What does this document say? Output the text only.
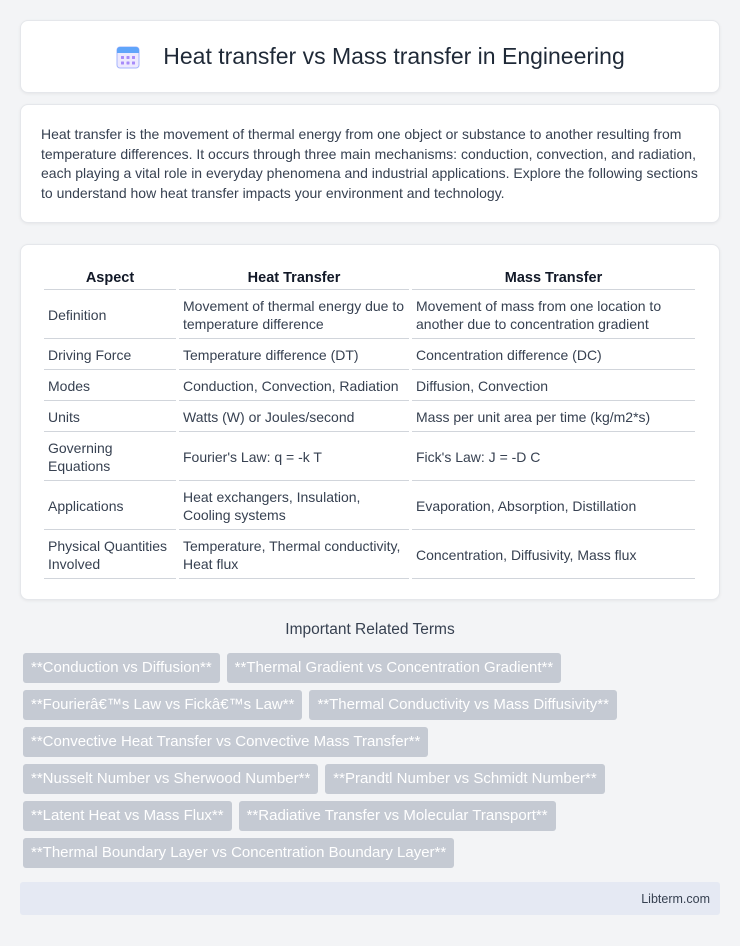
Heat transfer vs Mass transfer in Engineering

Heat transfer is the movement of thermal energy from one object or substance to another resulting from temperature differences. It occurs through three main mechanisms: conduction, convection, and radiation, each playing a vital role in everyday phenomena and industrial applications. Explore the following sections to understand how heat transfer impacts your environment and technology.

Aspect	Heat Transfer	Mass Transfer
Definition	Movement of thermal energy due to temperature difference	Movement of mass from one location to another due to concentration gradient
Driving Force	Temperature difference (DT)	Concentration difference (DC)
Modes	Conduction, Convection, Radiation	Diffusion, Convection
Units	Watts (W) or Joules/second	Mass per unit area per time (kg/m2*s)
Governing Equations	Fourier's Law: q = -k T	Fick's Law: J = -D C
Applications	Heat exchangers, Insulation, Cooling systems	Evaporation, Absorption, Distillation
Physical Quantities Involved	Temperature, Thermal conductivity, Heat flux	Concentration, Diffusivity, Mass flux
Important Related Terms
**Conduction vs Diffusion**	**Thermal Gradient vs Concentration Gradient**
**Fourierâ€™s Law vs Fickâ€™s Law**	**Thermal Conductivity vs Mass Diffusivity**
**Convective Heat Transfer vs Convective Mass Transfer**
**Nusselt Number vs Sherwood Number**	**Prandtl Number vs Schmidt Number**
**Latent Heat vs Mass Flux**	**Radiative Transfer vs Molecular Transport**
**Thermal Boundary Layer vs Concentration Boundary Layer**
Libterm.com
